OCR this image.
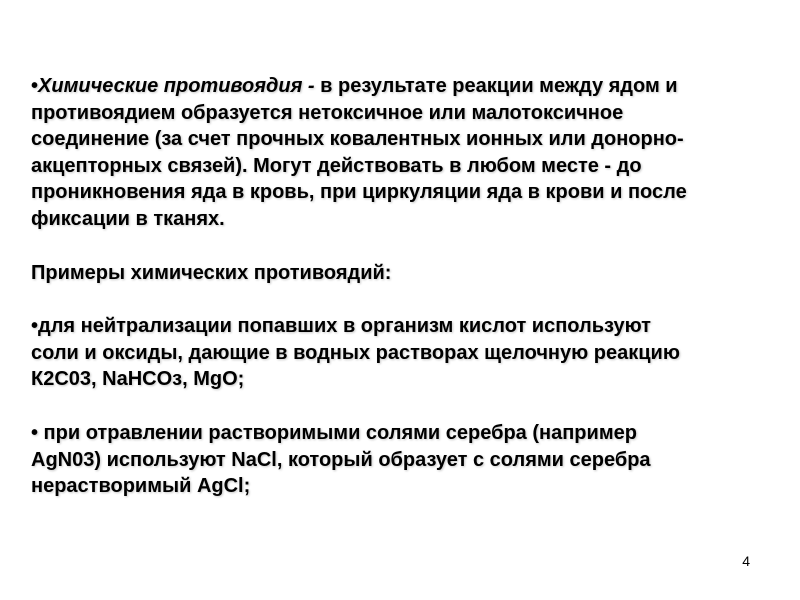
•Химические противоядия - в результате реакции между ядом и
противоядием образуется нетоксичное или малотоксичное
соединение (за счет прочных ковалентных ионных или донорно-
акцепторных связей). Могут действовать в любом месте - до
проникновения яда в кровь, при циркуляции яда в крови и после
фиксации в тканях.

Примеры химических противоядий:

•для нейтрализации попавших в организм кислот используют
соли и оксиды, дающие в водных растворах щелочную реакцию
К2С03, NaHCOз, MgO;

• при отравлении растворимыми солями серебра (например
AgN03) используют NaCl, который образует с солями серебра
нерастворимый AgCl;

4
